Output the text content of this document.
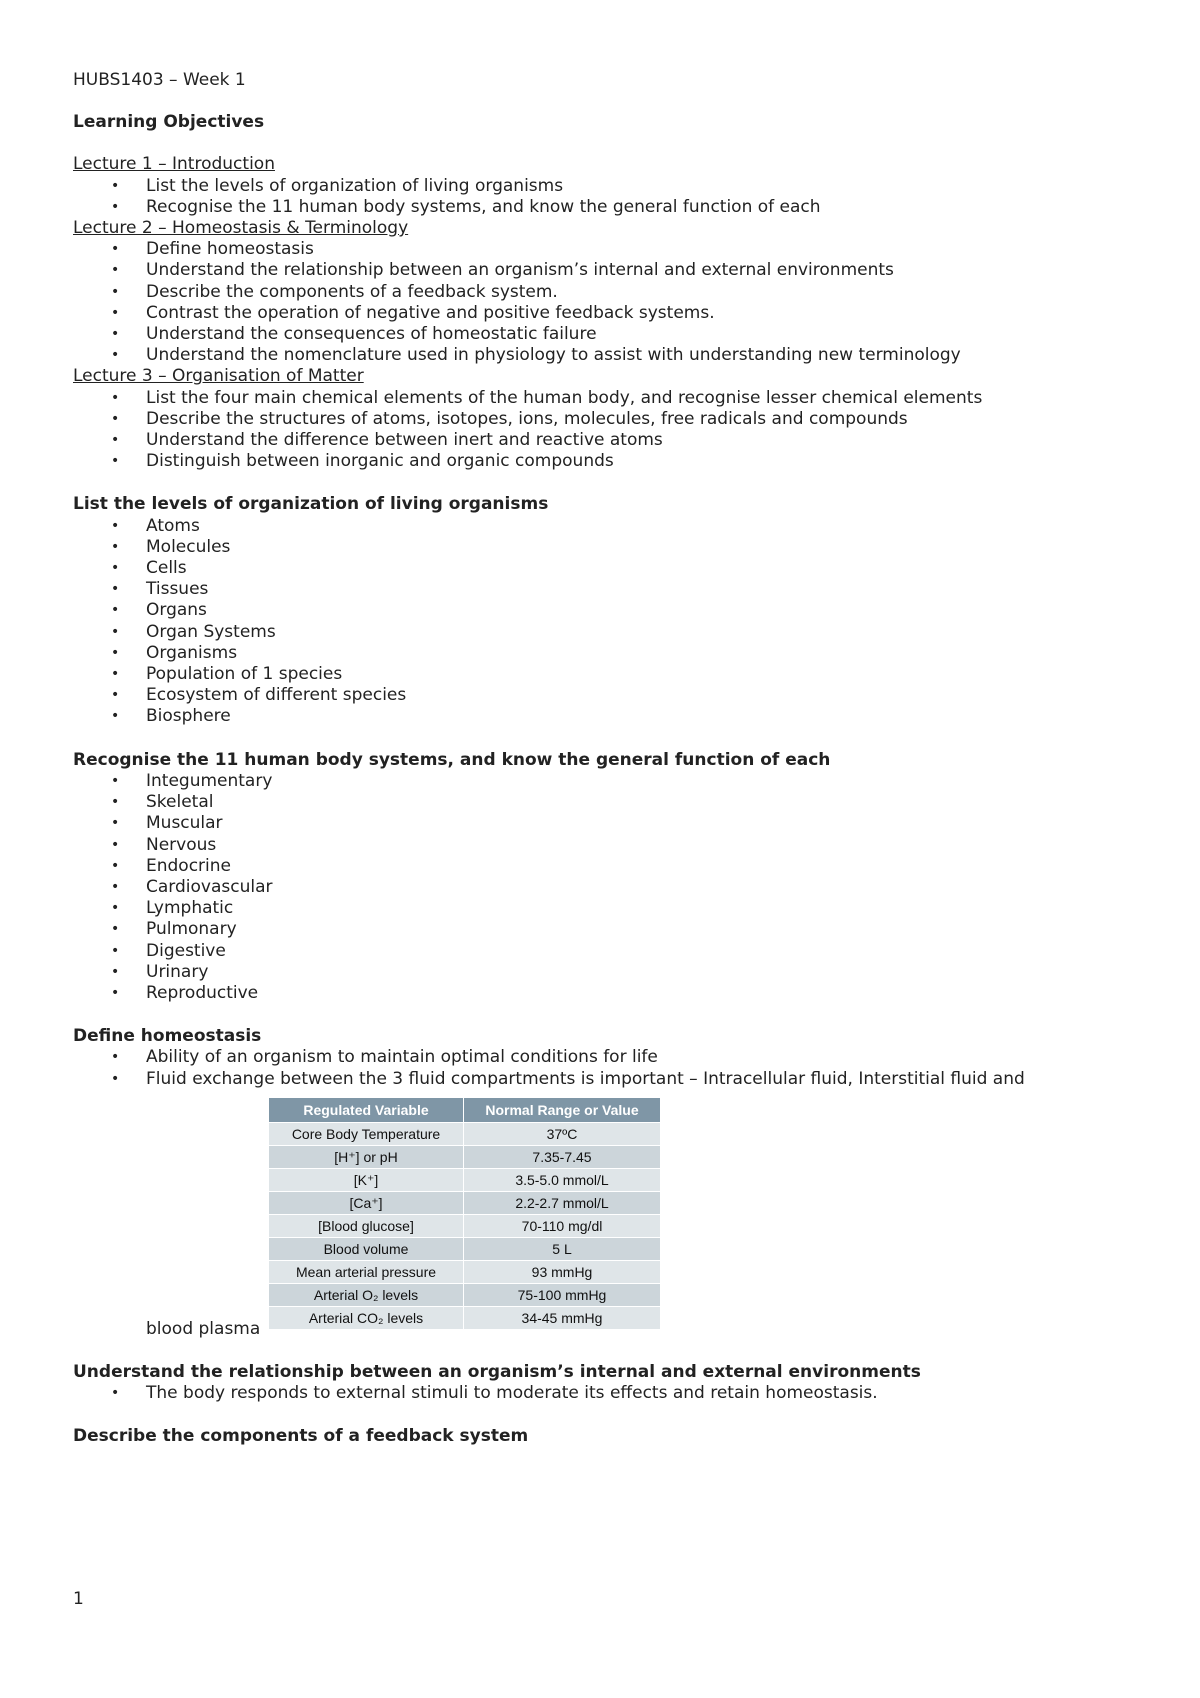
HUBS1403 – Week 1

Learning Objectives

Lecture 1 – Introduction

• List the levels of organization of living organisms
• Recognise the 11 human body systems, and know the general function of each

Lecture 2 – Homeostasis & Terminology

• Define homeostasis
• Understand the relationship between an organism’s internal and external environments
• Describe the components of a feedback system.
• Contrast the operation of negative and positive feedback systems.
• Understand the consequences of homeostatic failure
• Understand the nomenclature used in physiology to assist with understanding new terminology

Lecture 3 – Organisation of Matter

• List the four main chemical elements of the human body, and recognise lesser chemical elements
• Describe the structures of atoms, isotopes, ions, molecules, free radicals and compounds
• Understand the difference between inert and reactive atoms
• Distinguish between inorganic and organic compounds

List the levels of organization of living organisms

• Atoms
• Molecules
• Cells
• Tissues
• Organs
• Organ Systems
• Organisms
• Population of 1 species
• Ecosystem of different species
• Biosphere

Recognise the 11 human body systems, and know the general function of each

• Integumentary
• Skeletal
• Muscular
• Nervous
• Endocrine
• Cardiovascular
• Lymphatic
• Pulmonary
• Digestive
• Urinary
• Reproductive

Define homeostasis

• Ability of an organism to maintain optimal conditions for life
• Fluid exchange between the 3 fluid compartments is important – Intracellular fluid, Interstitial fluid and
Regulated Variable	Normal Range or Value
Core Body Temperature	37ºC
[H⁺] or pH	7.35-7.45
[K⁺]	3.5-5.0 mmol/L
[Ca⁺]	2.2-2.7 mmol/L
[Blood glucose]	70-110 mg/dl
Blood volume	5 L
Mean arterial pressure	93 mmHg
Arterial O₂ levels	75-100 mmHg
Arterial CO₂ levels	34-45 mmHg
blood plasma

Understand the relationship between an organism’s internal and external environments

• The body responds to external stimuli to moderate its effects and retain homeostasis.

Describe the components of a feedback system

1
